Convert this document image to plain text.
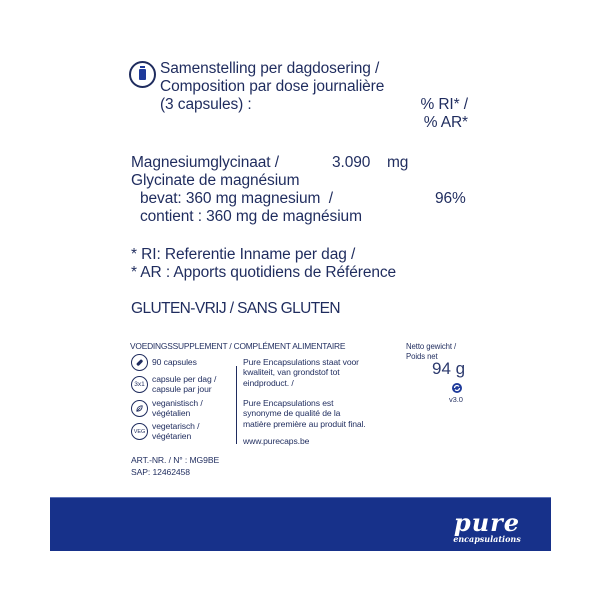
Samenstelling per dagdosering /
Composition par dose journalière
(3 capsules) :	% RI* /
% AR*
Magnesiumglycinaat /	3.090 mg
Glycinate de magnésium
bevat: 360 mg magnesium  /	96%
contient : 360 mg de magnésium
* RI: Referentie Inname per dag /
* AR : Apports quotidiens de Référence
GLUTEN-VRIJ / SANS GLUTEN
VOEDINGSSUPPLEMENT / COMPLÉMENT ALIMENTAIRE
90 capsules
3x1
capsule per dag /
capsule par jour
veganistisch /
végétalien
VEG
vegetarisch /
végétarien
ART.-NR. / N° : MG9BE
SAP: 12462458
Pure Encapsulations staat voor
kwaliteit, van grondstof tot
eindproduct. /
Pure Encapsulations est
synonyme de qualité de la
matière première au produit final.
www.purecaps.be
Netto gewicht /
Poids net
94 g
v3.0
pure
encapsulations
